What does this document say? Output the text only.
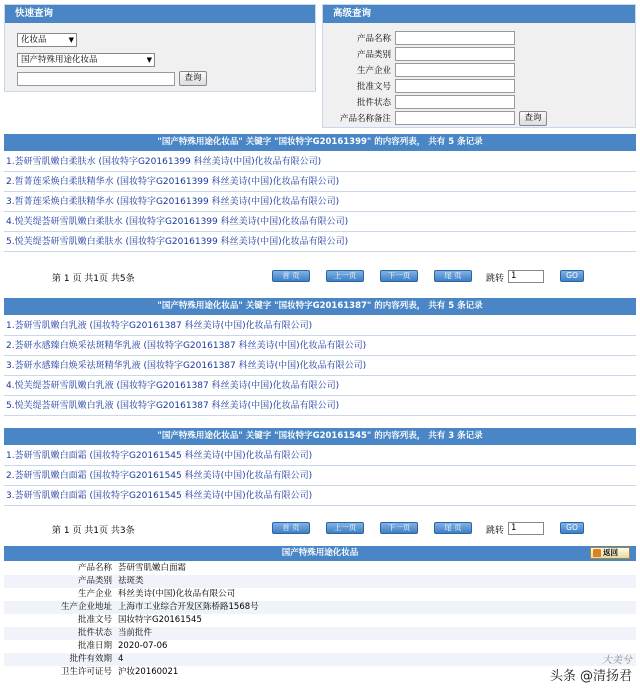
快速查询
化妆品	▼
国产特殊用途化妆品	▼
查询
高级查询
产品名称
产品类别
生产企业
批准文号
批件状态
产品名称备注	查询
"国产特殊用途化妆品" 关键字 "国妆特字G20161399" 的内容列表， 共有 5 条记录
1.荟研雪肌嫩白柔肤水 (国妆特字G20161399 科丝美诗(中国)化妆品有限公司)
2.皙菁莲采焕白柔肤精华水 (国妆特字G20161399 科丝美诗(中国)化妆品有限公司)
3.皙菁莲采焕白柔肤精华水 (国妆特字G20161399 科丝美诗(中国)化妆品有限公司)
4.悦芙缇荟研雪肌嫩白柔肤水 (国妆特字G20161399 科丝美诗(中国)化妆品有限公司)
5.悦芙缇荟研雪肌嫩白柔肤水 (国妆特字G20161399 科丝美诗(中国)化妆品有限公司)
第 1 页 共1页 共5条	首 页	上一页	下一页	尾 页	跳转 1	GO
"国产特殊用途化妆品" 关键字 "国妆特字G20161387" 的内容列表， 共有 5 条记录
1.荟研雪肌嫩白乳液 (国妆特字G20161387 科丝美诗(中国)化妆品有限公司)
2.荟研水感臻白焕采祛斑精华乳液 (国妆特字G20161387 科丝美诗(中国)化妆品有限公司)
3.荟研水感臻白焕采祛斑精华乳液 (国妆特字G20161387 科丝美诗(中国)化妆品有限公司)
4.悦芙缇荟研雪肌嫩白乳液 (国妆特字G20161387 科丝美诗(中国)化妆品有限公司)
5.悦芙缇荟研雪肌嫩白乳液 (国妆特字G20161387 科丝美诗(中国)化妆品有限公司)
"国产特殊用途化妆品" 关键字 "国妆特字G20161545" 的内容列表， 共有 3 条记录
1.荟研雪肌嫩白面霜 (国妆特字G20161545 科丝美诗(中国)化妆品有限公司)
2.荟研雪肌嫩白面霜 (国妆特字G20161545 科丝美诗(中国)化妆品有限公司)
3.荟研雪肌嫩白面霜 (国妆特字G20161545 科丝美诗(中国)化妆品有限公司)
第 1 页 共1页 共3条	首 页	上一页	下一页	尾 页	跳转 1	GO
国产特殊用途化妆品	返回
产品名称 荟研雪肌嫩白面霜
产品类别 祛斑类
生产企业 科丝美诗(中国)化妆品有限公司
生产企业地址 上海市工业综合开发区陈桥路1568号
批准文号 国妆特字G20161545
批件状态 当前批件
批准日期 2020-07-06
批件有效期 4
卫生许可证号 沪妆20160021
大美兮
头条 @清扬君
